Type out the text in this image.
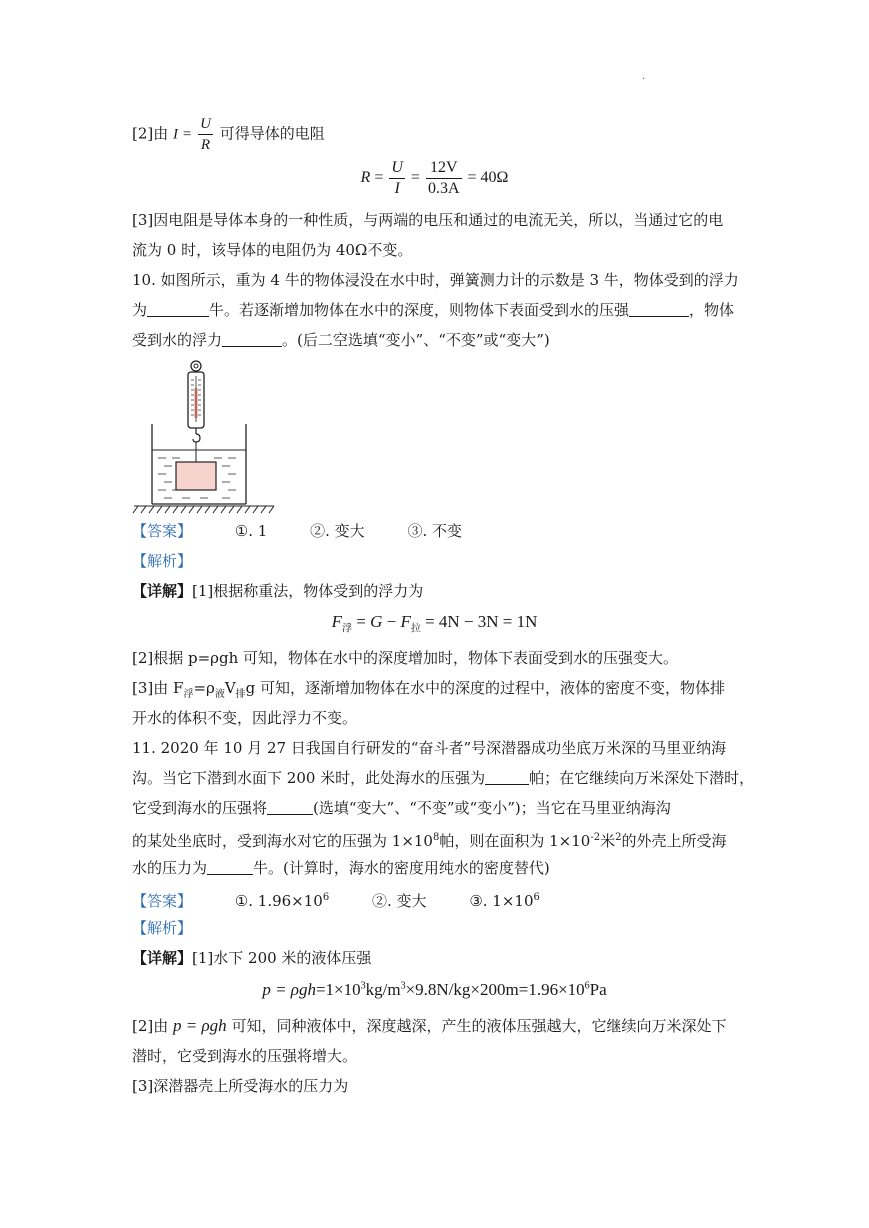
·
[2]由 $I = \frac{U}{R}$ 可得导体的电阻
$R = \frac{U}{I} = \frac{12V}{0.3A} = 40\Omega$
[3]因电阻是导体本身的一种性质，与两端的电压和通过的电流无关，所以，当通过它的电
流为 0 时，该导体的电阻仍为 40Ω不变。
10. 如图所示，重为 4 牛的物体浸没在水中时，弹簧测力计的示数是 3 牛，物体受到的浮力
为	牛。若逐渐增加物体在水中的深度，则物体下表面受到水的压强	，物体
受到水的浮力	。(后二空选填“变小”、“不变”或“变大”)
【答案】	①. 1	②. 变大	③. 不变
【解析】
【详解】[1]根据称重法，物体受到的浮力为
$F_浮 = G - F_拉 = 4N - 3N = 1N$
[2]根据 p=ρgh 可知，物体在水中的深度增加时，物体下表面受到水的压强变大。
[3]由 $F_浮=\rho_液V_排g$ 可知，逐渐增加物体在水中的深度的过程中，液体的密度不变，物体排
开水的体积不变，因此浮力不变。
11. 2020 年 10 月 27 日我国自行研发的“奋斗者”号深潜器成功坐底万米深的马里亚纳海
沟。当它下潜到水面下 200 米时，此处海水的压强为	帕；在它继续向万米深处下潜时，
它受到海水的压强将	(选填“变大”、“不变”或“变小”)；当它在马里亚纳海沟
的某处坐底时，受到海水对它的压强为 $1\times 10^8$帕，则在面积为 $1\times 10^{-2}$米$^2$的外壳上所受海
水的压力为	牛。(计算时，海水的密度用纯水的密度替代)
【答案】	①. $1.96\times 10^6$	②. 变大	③. $1\times 10^6$
【解析】
【详解】[1]水下 200 米的液体压强
$p = \rho gh=1\times 10^3kg/m^3\times 9.8N/kg\times 200m=1.96\times 10^6Pa$
[2]由 p = ρgh 可知，同种液体中，深度越深，产生的液体压强越大，它继续向万米深处下
潜时，它受到海水的压强将增大。
[3]深潜器壳上所受海水的压力为
